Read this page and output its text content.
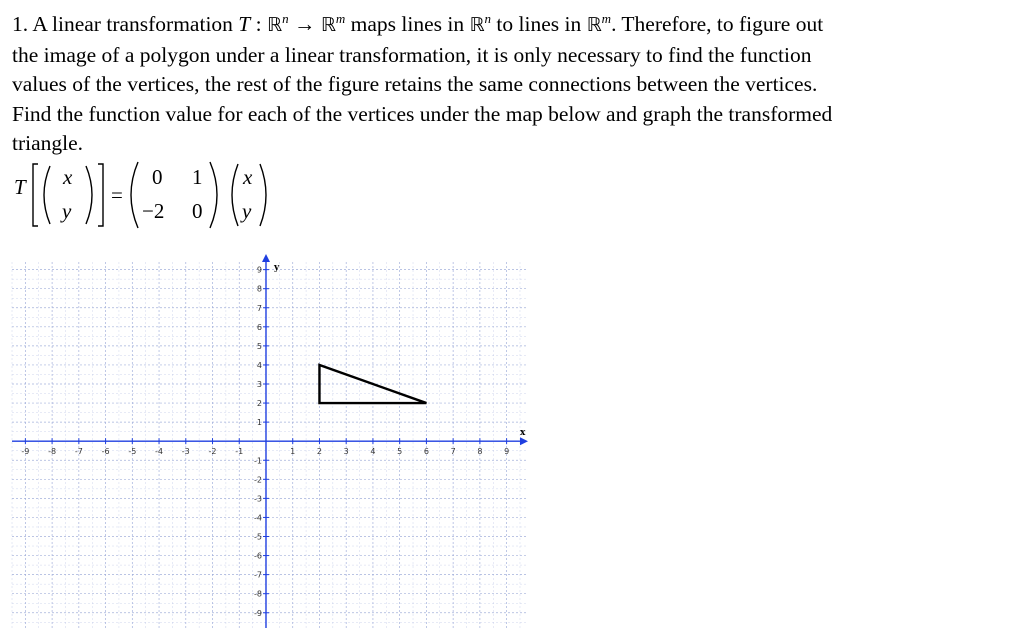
1. A linear transformation T : ℝ$^n$ → ℝ$^m$ maps lines in ℝ$^n$ to lines in ℝ$^m$. Therefore, to figure out

the image of a polygon under a linear transformation, it is only necessary to find the function

values of the vertices, the rest of the figure retains the same connections between the vertices.

Find the function value for each of the vertices under the map below and graph the transformed

triangle.

T x
y
=
0 1
−2 0
x
y
x
y
-9 -8 -7 -6 -5 -4 -3 -2 -1	1	2	3	4	5	6	7	8	9
9
8
7
6
5
4
3
2
1
-1
-2
-3
-4
-5
-6
-7
-8
-9
